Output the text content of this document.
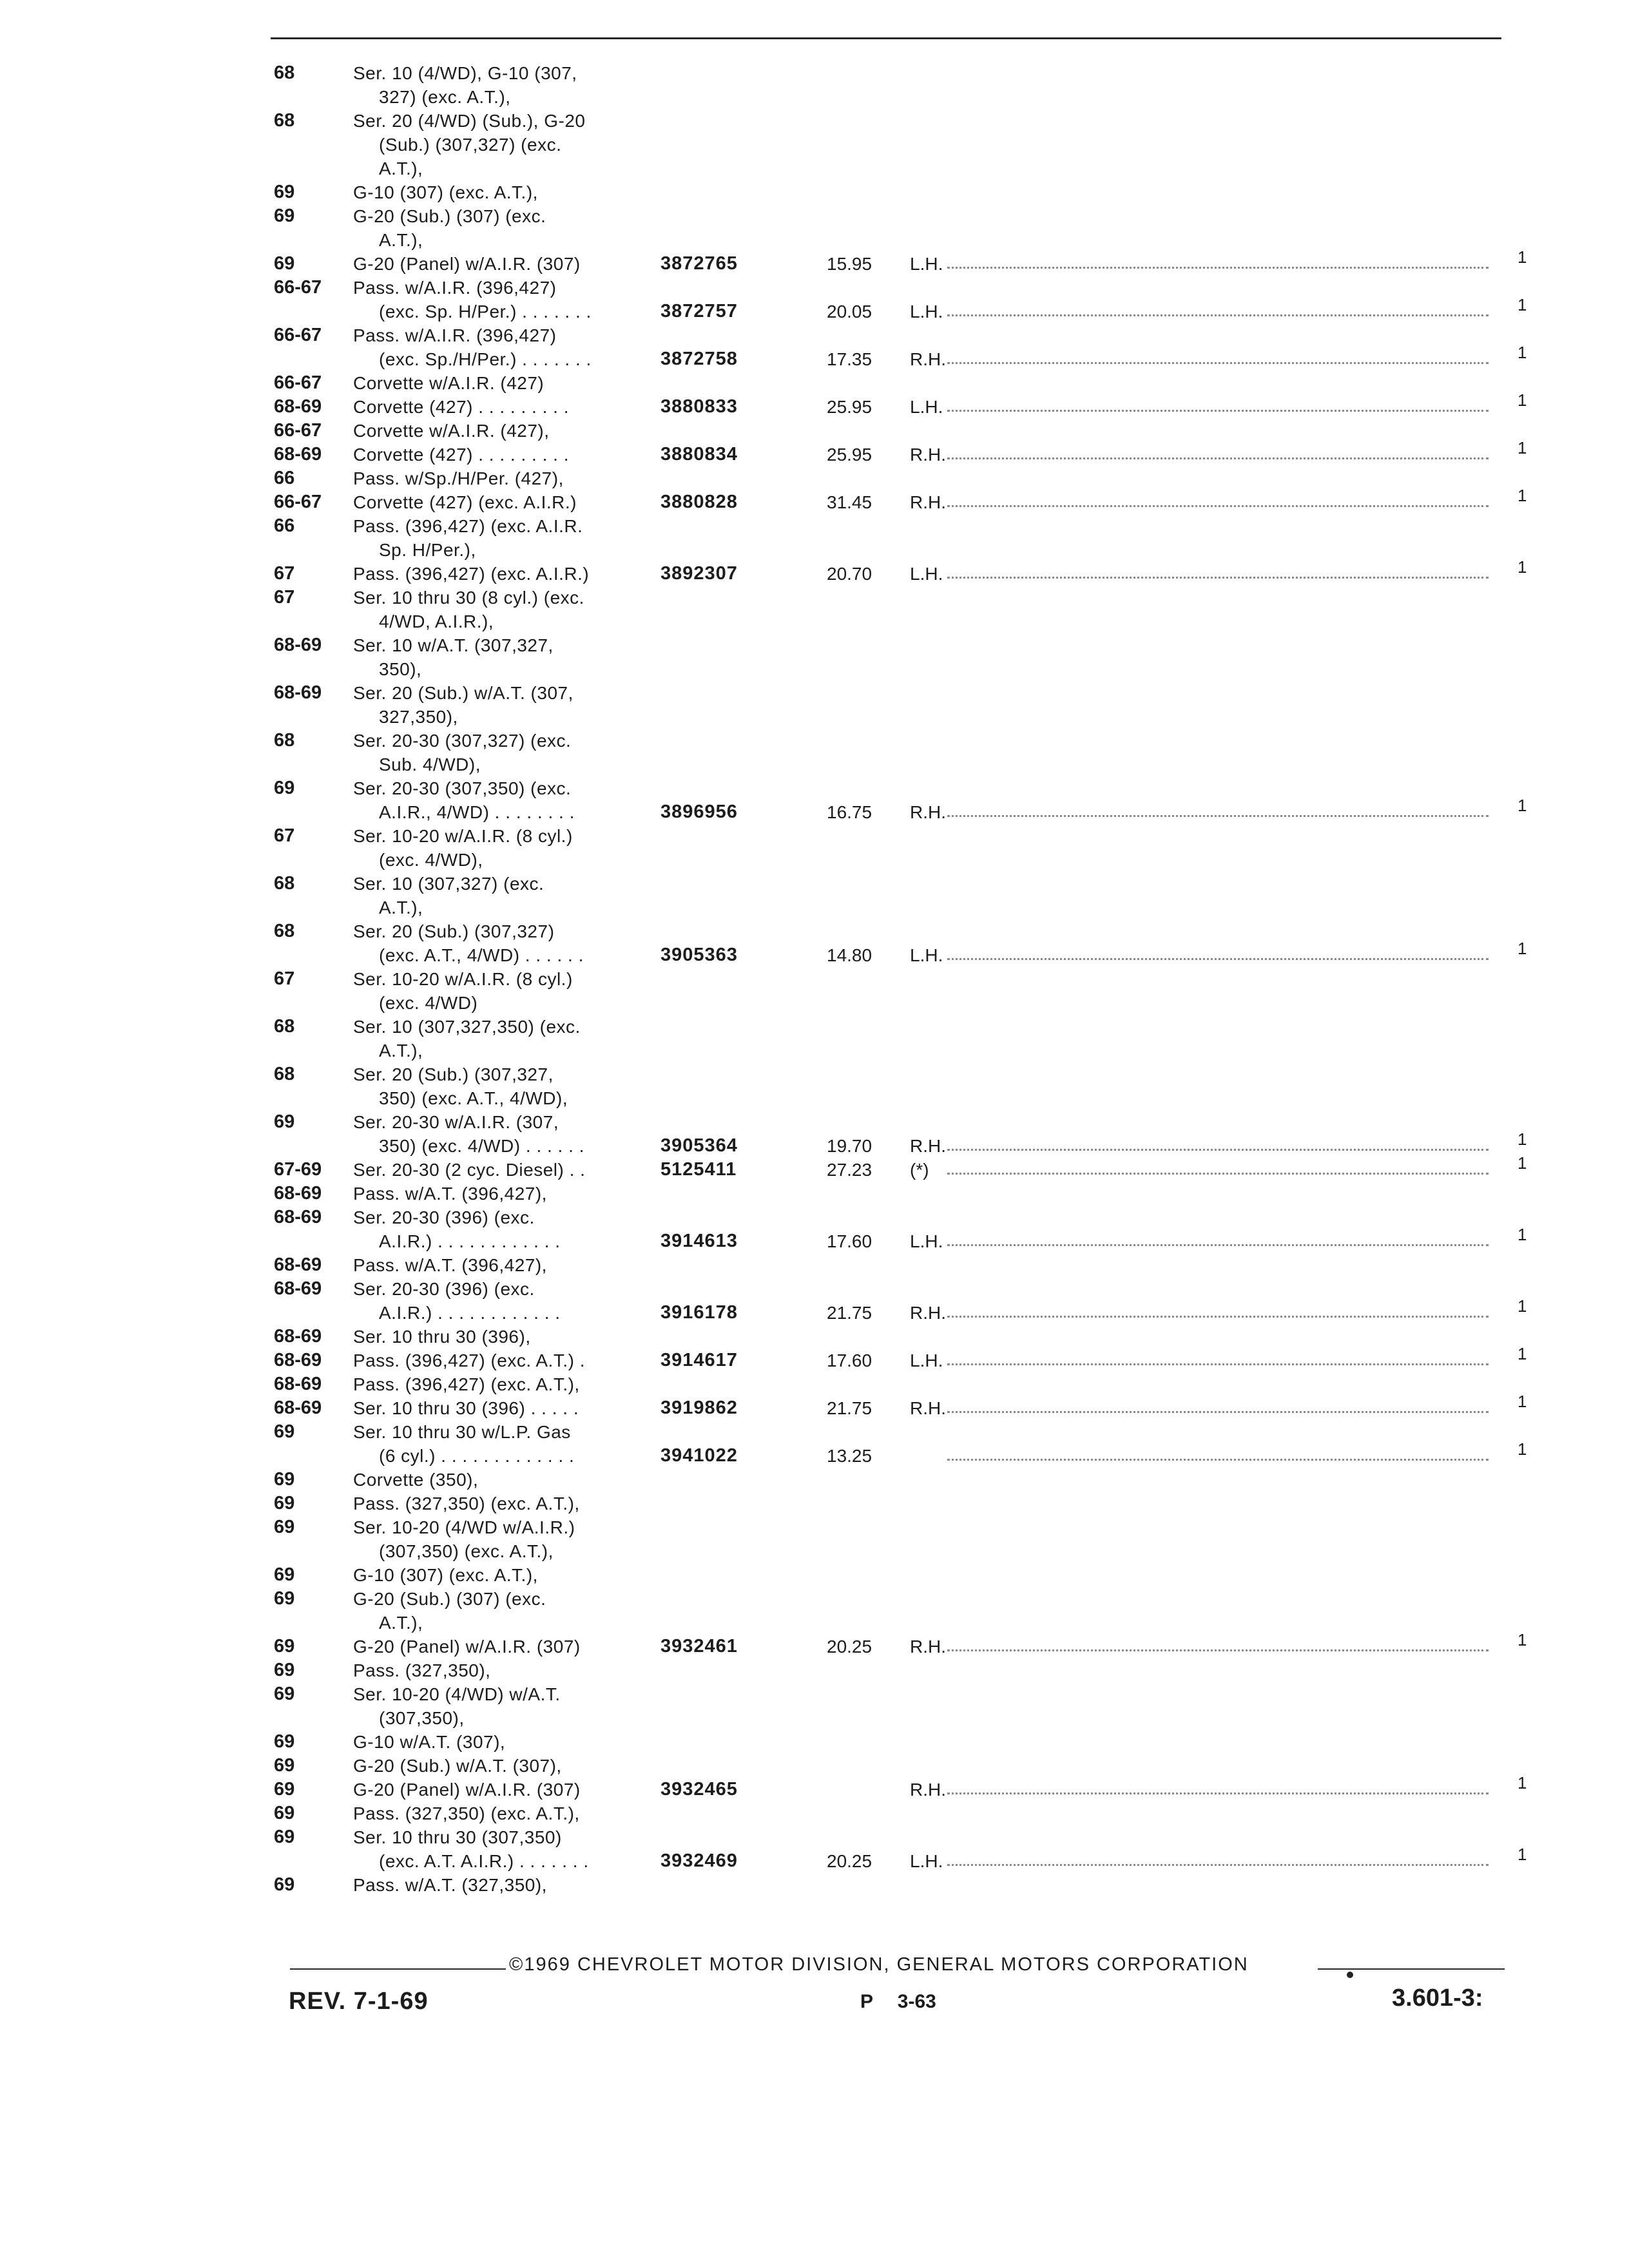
68	Ser. 10 (4/WD), G-10 (307,
327) (exc. A.T.),
68	Ser. 20 (4/WD) (Sub.), G-20
(Sub.) (307,327) (exc.
A.T.),
69	G-10 (307) (exc. A.T.),
69	G-20 (Sub.) (307) (exc.
A.T.),
69	G-20 (Panel) w/A.I.R. (307)	3872765	15.95 L.H.	1
66-67 Pass. w/A.I.R. (396,427)
(exc. Sp. H/Per.) . . . . . . .	3872757	20.05 L.H.	1
66-67 Pass. w/A.I.R. (396,427)
(exc. Sp./H/Per.) . . . . . . .	3872758	17.35 R.H.	1
66-67 Corvette w/A.I.R. (427)
68-69 Corvette (427) . . . . . . . . .	3880833	25.95 L.H.	1
66-67 Corvette w/A.I.R. (427),
68-69 Corvette (427) . . . . . . . . .	3880834	25.95 R.H.	1
66	Pass. w/Sp./H/Per. (427),
66-67 Corvette (427) (exc. A.I.R.)	3880828	31.45 R.H.	1
66	Pass. (396,427) (exc. A.I.R.
Sp. H/Per.),
67	Pass. (396,427) (exc. A.I.R.)	3892307	20.70 L.H.	1
67	Ser. 10 thru 30 (8 cyl.) (exc.
4/WD, A.I.R.),
68-69 Ser. 10 w/A.T. (307,327,
350),
68-69 Ser. 20 (Sub.) w/A.T. (307,
327,350),
68	Ser. 20-30 (307,327) (exc.
Sub. 4/WD),
69	Ser. 20-30 (307,350) (exc.
A.I.R., 4/WD) . . . . . . . .	3896956	16.75 R.H.	1
67	Ser. 10-20 w/A.I.R. (8 cyl.)
(exc. 4/WD),
68	Ser. 10 (307,327) (exc.
A.T.),
68	Ser. 20 (Sub.) (307,327)
(exc. A.T., 4/WD) . . . . . .	3905363	14.80 L.H.	1
67	Ser. 10-20 w/A.I.R. (8 cyl.)
(exc. 4/WD)
68	Ser. 10 (307,327,350) (exc.
A.T.),
68	Ser. 20 (Sub.) (307,327,
350) (exc. A.T., 4/WD),
69	Ser. 20-30 w/A.I.R. (307,
350) (exc. 4/WD) . . . . . .	3905364	19.70 R.H.	1
67-69 Ser. 20-30 (2 cyc. Diesel) . .	5125411	27.23 (*)	1
68-69 Pass. w/A.T. (396,427),
68-69 Ser. 20-30 (396) (exc.
A.I.R.) . . . . . . . . . . . .	3914613	17.60 L.H.	1
68-69 Pass. w/A.T. (396,427),
68-69 Ser. 20-30 (396) (exc.
A.I.R.) . . . . . . . . . . . .	3916178	21.75 R.H.	1
68-69 Ser. 10 thru 30 (396),
68-69 Pass. (396,427) (exc. A.T.) .	3914617	17.60 L.H.	1
68-69 Pass. (396,427) (exc. A.T.),
68-69 Ser. 10 thru 30 (396) . . . . .	3919862	21.75 R.H.	1
69	Ser. 10 thru 30 w/L.P. Gas
(6 cyl.) . . . . . . . . . . . . .	3941022	13.25	1
69	Corvette (350),
69	Pass. (327,350) (exc. A.T.),
69	Ser. 10-20 (4/WD w/A.I.R.)
(307,350) (exc. A.T.),
69	G-10 (307) (exc. A.T.),
69	G-20 (Sub.) (307) (exc.
A.T.),
69	G-20 (Panel) w/A.I.R. (307)	3932461	20.25 R.H.	1
69	Pass. (327,350),
69	Ser. 10-20 (4/WD) w/A.T.
(307,350),
69	G-10 w/A.T. (307),
69	G-20 (Sub.) w/A.T. (307),
69	G-20 (Panel) w/A.I.R. (307)	3932465	R.H.	1
69	Pass. (327,350) (exc. A.T.),
69	Ser. 10 thru 30 (307,350)
(exc. A.T. A.I.R.) . . . . . . .	3932469	20.25 L.H.	1
69	Pass. w/A.T. (327,350),
©1969 CHEVROLET MOTOR DIVISION, GENERAL MOTORS CORPORATION
REV. 7-1-69	P 3-63	3.601-3:
